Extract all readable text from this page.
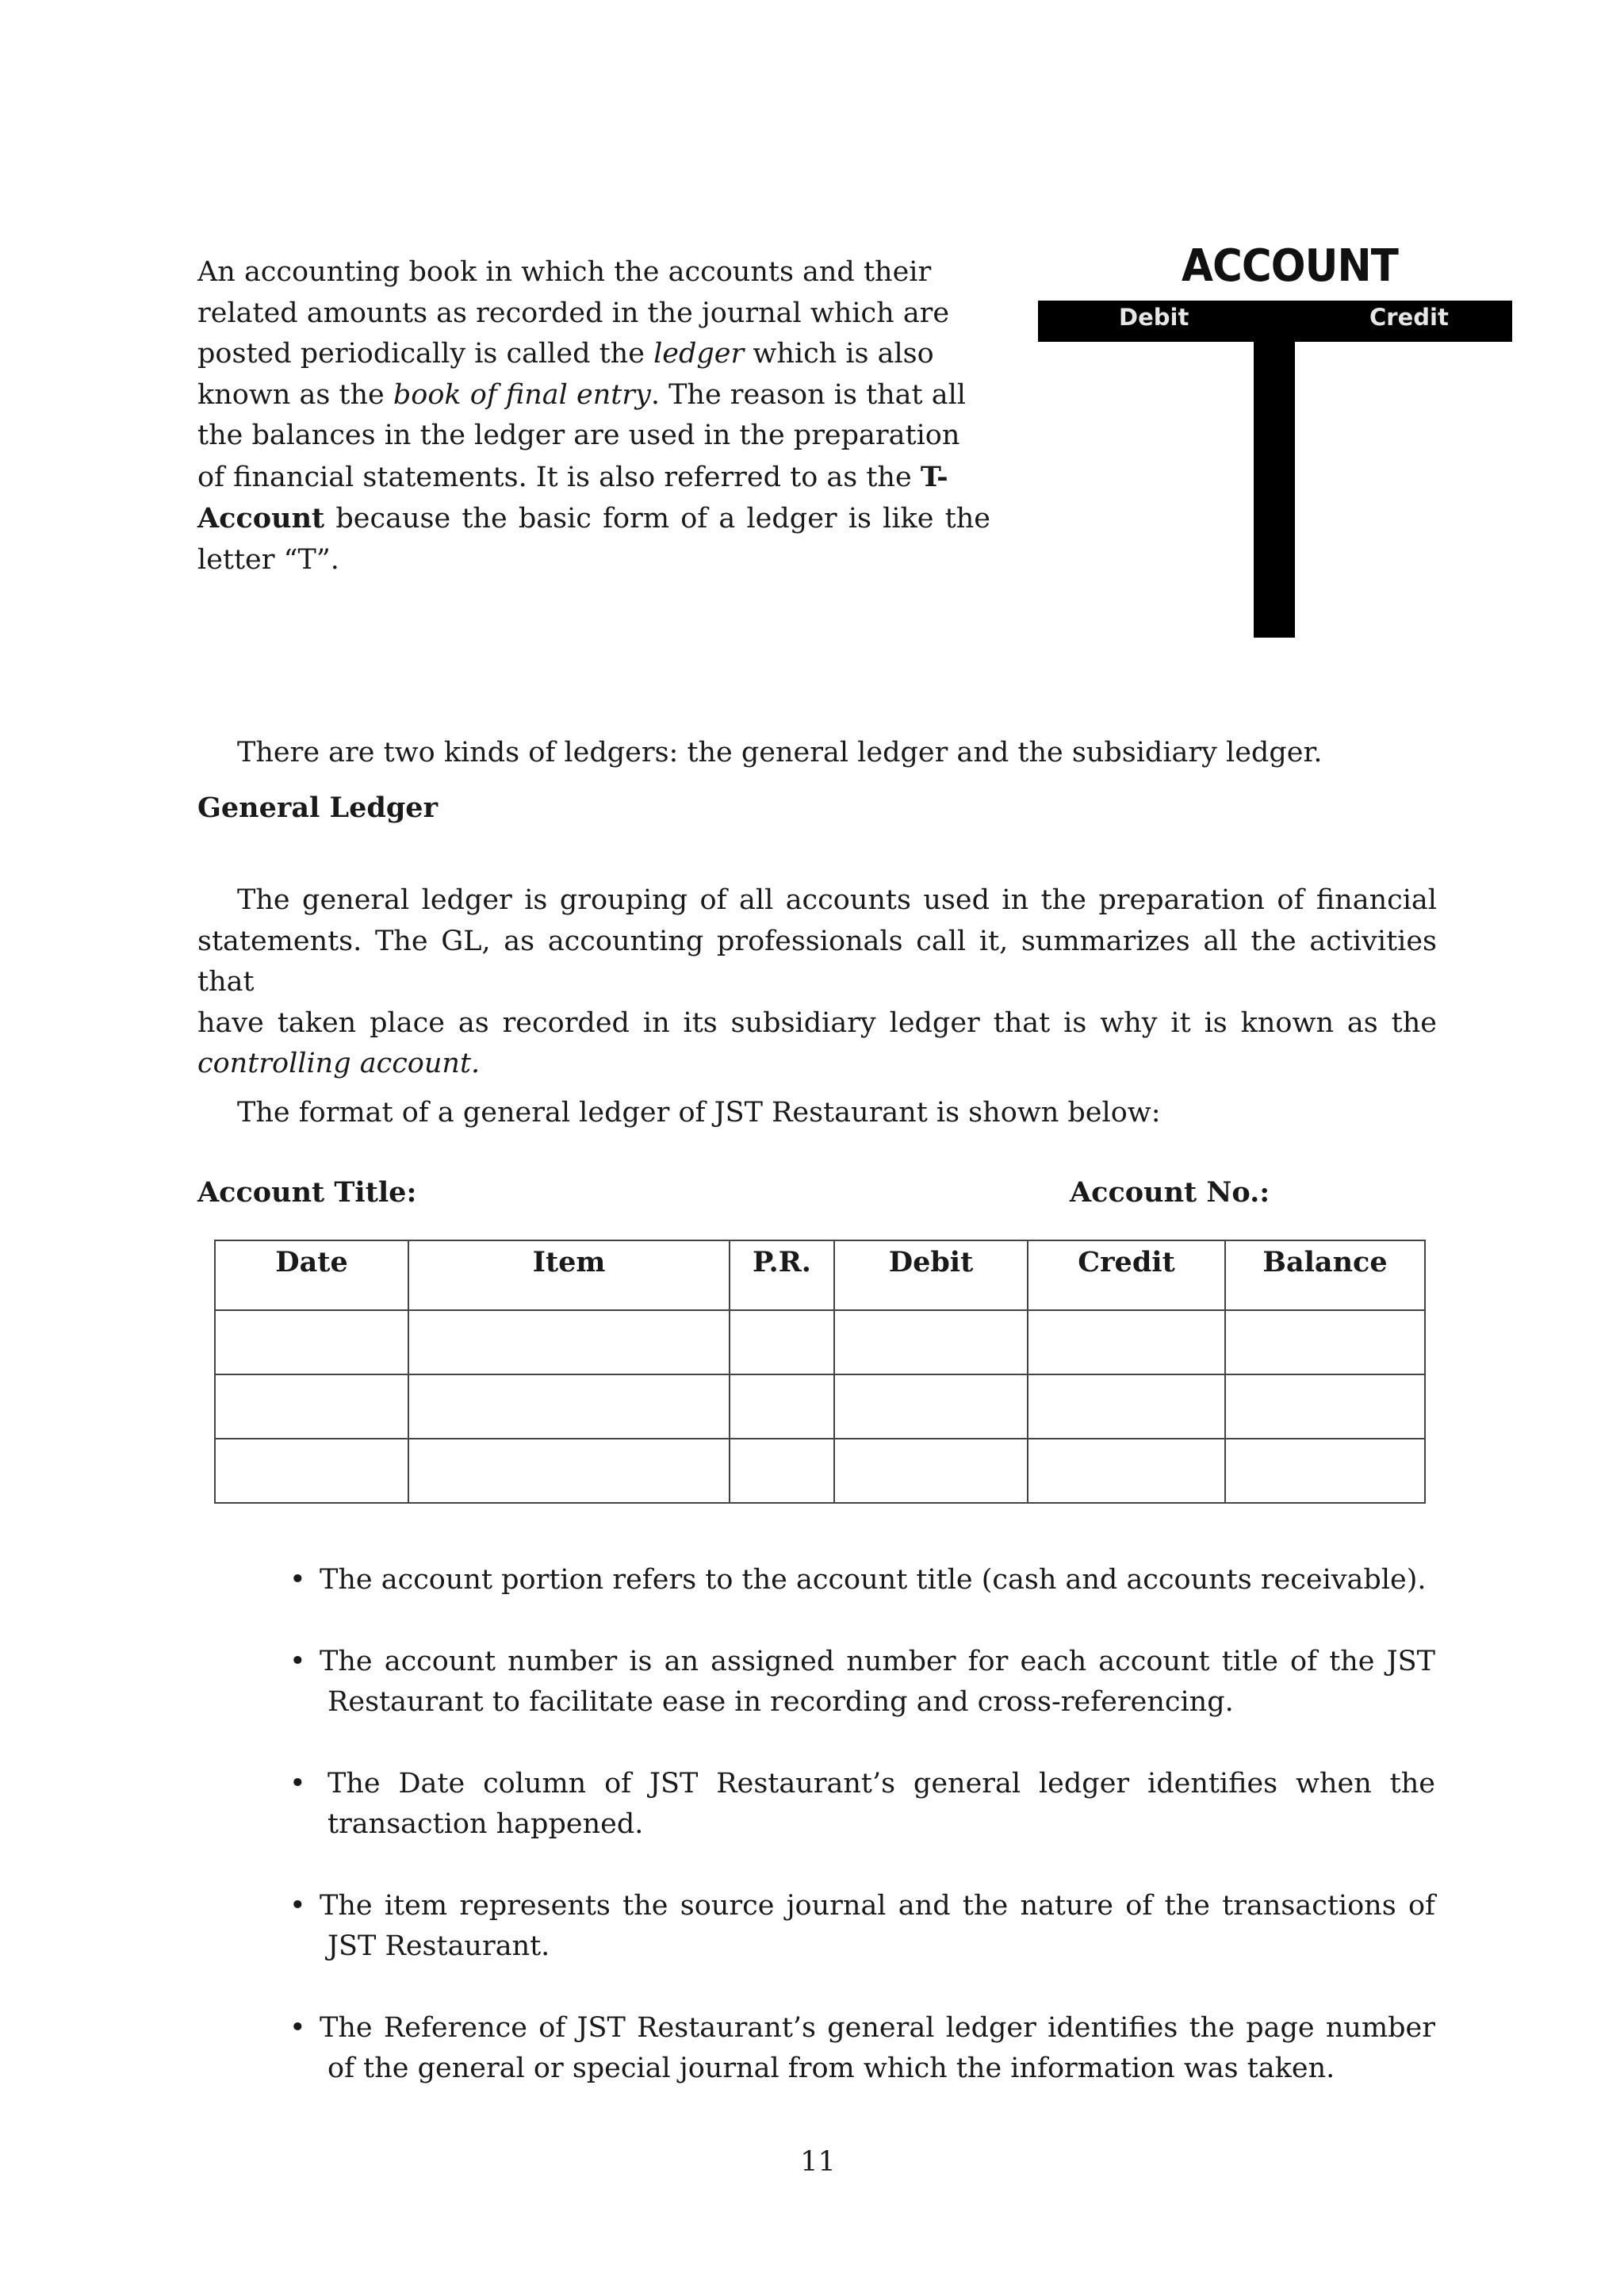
An accounting book in which the accounts and their
related amounts as recorded in the journal which are
posted periodically is called the ledger which is also
known as the book of final entry. The reason is that all
the balances in the ledger are used in the preparation
of financial statements. It is also referred to as the T-
Account because the basic form of a ledger is like the
letter “T”.
ACCOUNT
Debit	Credit
There are two kinds of ledgers: the general ledger and the subsidiary ledger.
General Ledger
The general ledger is grouping of all accounts used in the preparation of financial
statements. The GL, as accounting professionals call it, summarizes all the activities that
have taken place as recorded in its subsidiary ledger that is why it is known as the
controlling account.
The format of a general ledger of JST Restaurant is shown below:
Account Title:	Account No.:
Date	Item	P.R.	Debit	Credit	Balance

• The account portion refers to the account title (cash and accounts receivable).
• The account number is an assigned number for each account title of the JST
Restaurant to facilitate ease in recording and cross-referencing.
• The Date column of JST Restaurant’s general ledger identifies when the
transaction happened.
• The item represents the source journal and the nature of the transactions of
JST Restaurant.
• The Reference of JST Restaurant’s general ledger identifies the page number
of the general or special journal from which the information was taken.
11
